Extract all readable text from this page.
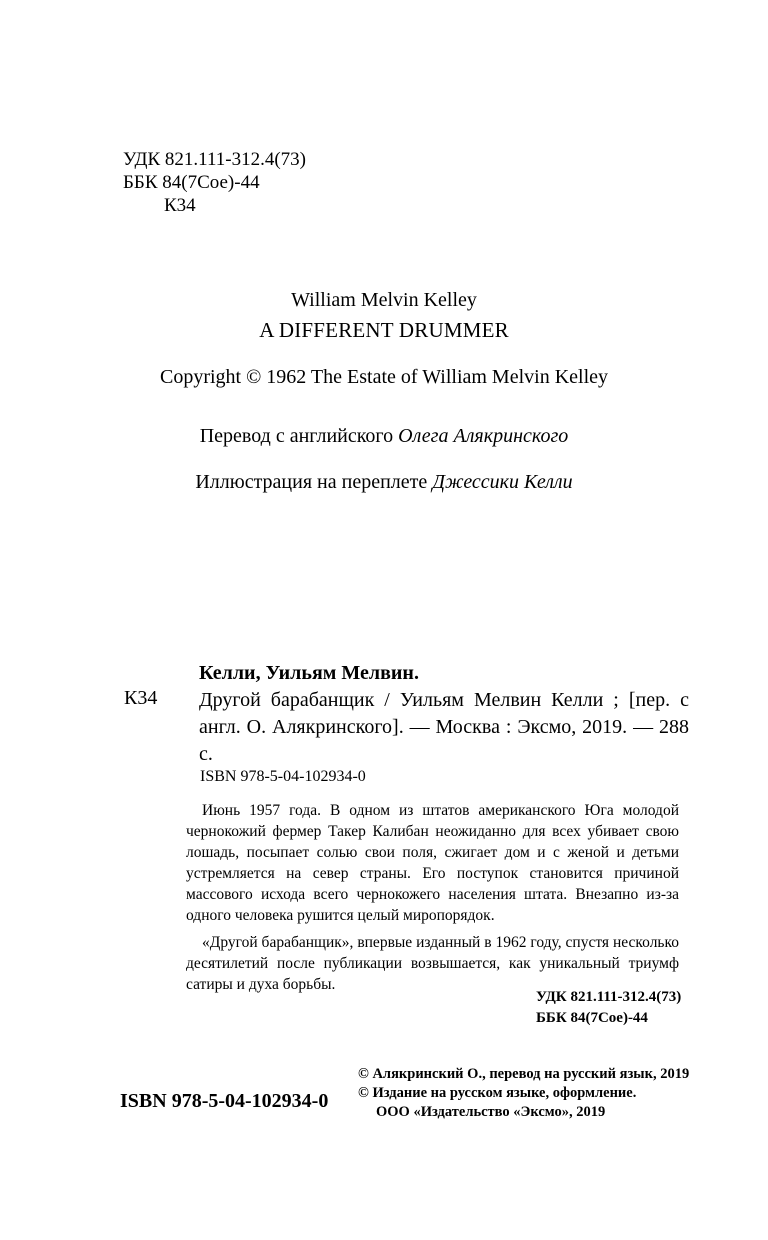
УДК 821.111-312.4(73)
ББК 84(7Сое)-44
К34
William Melvin Kelley
A DIFFERENT DRUMMER
Copyright © 1962 The Estate of William Melvin Kelley
Перевод с английского Олега Алякринского
Иллюстрация на переплете Джессики Келли
Келли, Уильям Мелвин.
К34 Другой барабанщик / Уильям Мелвин Келли ; [пер. с англ. О. Алякринского]. — Москва : Эксмо, 2019. — 288 с.
ISBN 978-5-04-102934-0

Июнь 1957 года. В одном из штатов американского Юга молодой чернокожий фермер Такер Калибан неожиданно для всех убивает свою лошадь, посыпает солью свои поля, сжигает дом и с женой и детьми устремляется на север страны. Его поступок становится причиной массового исхода всего чернокожего населения штата. Внезапно из-за одного человека рушится целый миропорядок.

«Другой барабанщик», впервые изданный в 1962 году, спустя несколько десятилетий после публикации возвышается, как уникальный триумф сатиры и духа борьбы.

УДК 821.111-312.4(73)
ББК 84(7Сое)-44
ISBN 978-5-04-102934-0
© Алякринский О., перевод на русский язык, 2019
© Издание на русском языке, оформление.
ООО «Издательство «Эксмо», 2019
